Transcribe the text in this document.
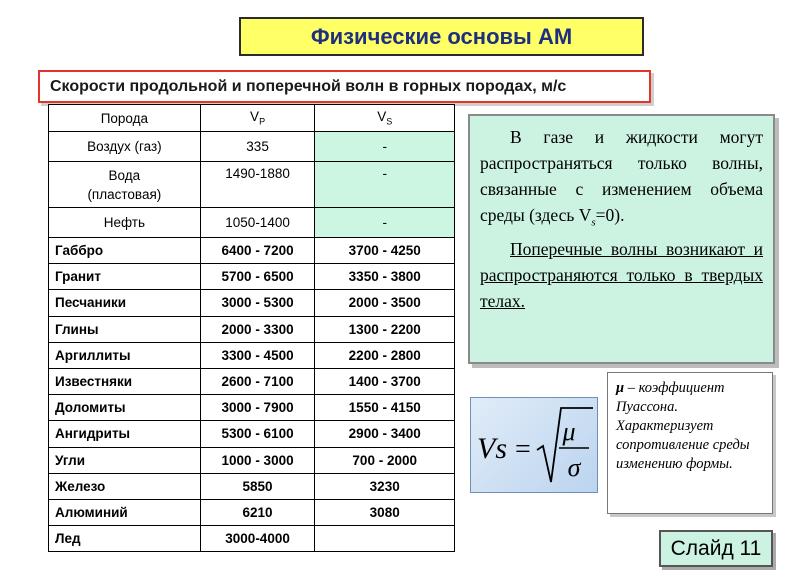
Физические основы АМ
Скорости продольной и поперечной волн в горных породах, м/с
Порода	$V_P$	$V_S$
Воздух (газ)	335	-
Вода
(пластовая)	1490-1880	-
Нефть	1050-1400	-
Габбро	6400 - 7200	3700 - 4250
Гранит	5700 - 6500	3350 - 3800
Песчаники	3000 - 5300	2000 - 3500
Глины	2000 - 3300	1300 - 2200
Аргиллиты	3300 - 4500	2200 - 2800
Известняки	2600 - 7100	1400 - 3700
Доломиты	3000 - 7900	1550 - 4150
Ангидриты	5300 - 6100	2900 - 3400
Угли	1000 - 3000	700 - 2000
Железо	5850	3230
Алюминий	6210	3080
Лед	3000-4000	

В газе и жидкости могут распространяться только волны, связанные с изменением объема среды (здесь $V_s=0$).

Поперечные волны возникают и распространяются только в твердых телах.

Vs =
μ
σ
μ – коэффициент Пуассона. Характеризует сопротивление среды изменению формы.
Слайд 11
